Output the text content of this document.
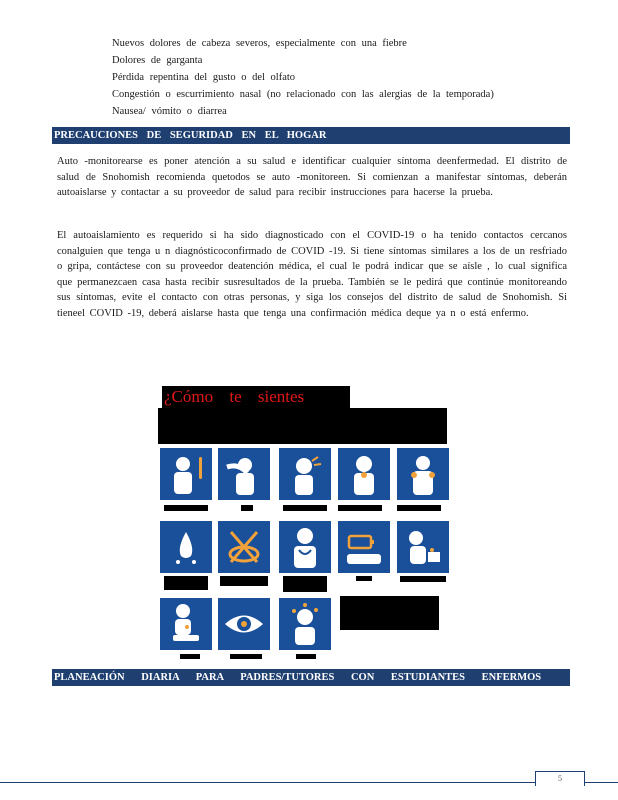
Nuevos dolores de cabeza severos, especialmente con una fiebre
Dolores de garganta
Pérdida repentina del gusto o del olfato
Congestión o escurrimiento nasal (no relacionado con las alergias de la temporada)
Nausea/ vómito o diarrea
PRECAUCIONES DE SEGURIDAD EN EL HOGAR
Auto -monitorearse es poner atención a su salud e identificar cualquier síntoma deenfermedad. El distrito de salud de Snohomish recomienda quetodos se auto -monitoreen. Si comienzan a manifestar síntomas, deberán autoaislarse y contactar a su proveedor de salud para recibir instrucciones para hacerse la prueba.
El autoaislamiento es requerido si ha sido diagnosticado con el COVID-19 o ha tenido contactos cercanos conalguien que tenga u n diagnósticoconfirmado de COVID -19. Si tiene síntomas similares a los de un resfriado o gripa, contáctese con su proveedor deatención médica, el cual le podrá indicar que se aísle , lo cual significa que permanezcaen casa hasta recibir susresultados de la prueba. También se le pedirá que continúe monitoreando sus síntomas, evite el contacto con otras personas, y siga los consejos del distrito de salud de Snohomish. Si tieneel COVID -19, deberá aislarse hasta que tenga una confirmación médica deque ya n o está enfermo.
¿Cómo te sientes
PLANEACIÓN DIARIA PARA PADRES/TUTORES CON ESTUDIANTES ENFERMOS
5
